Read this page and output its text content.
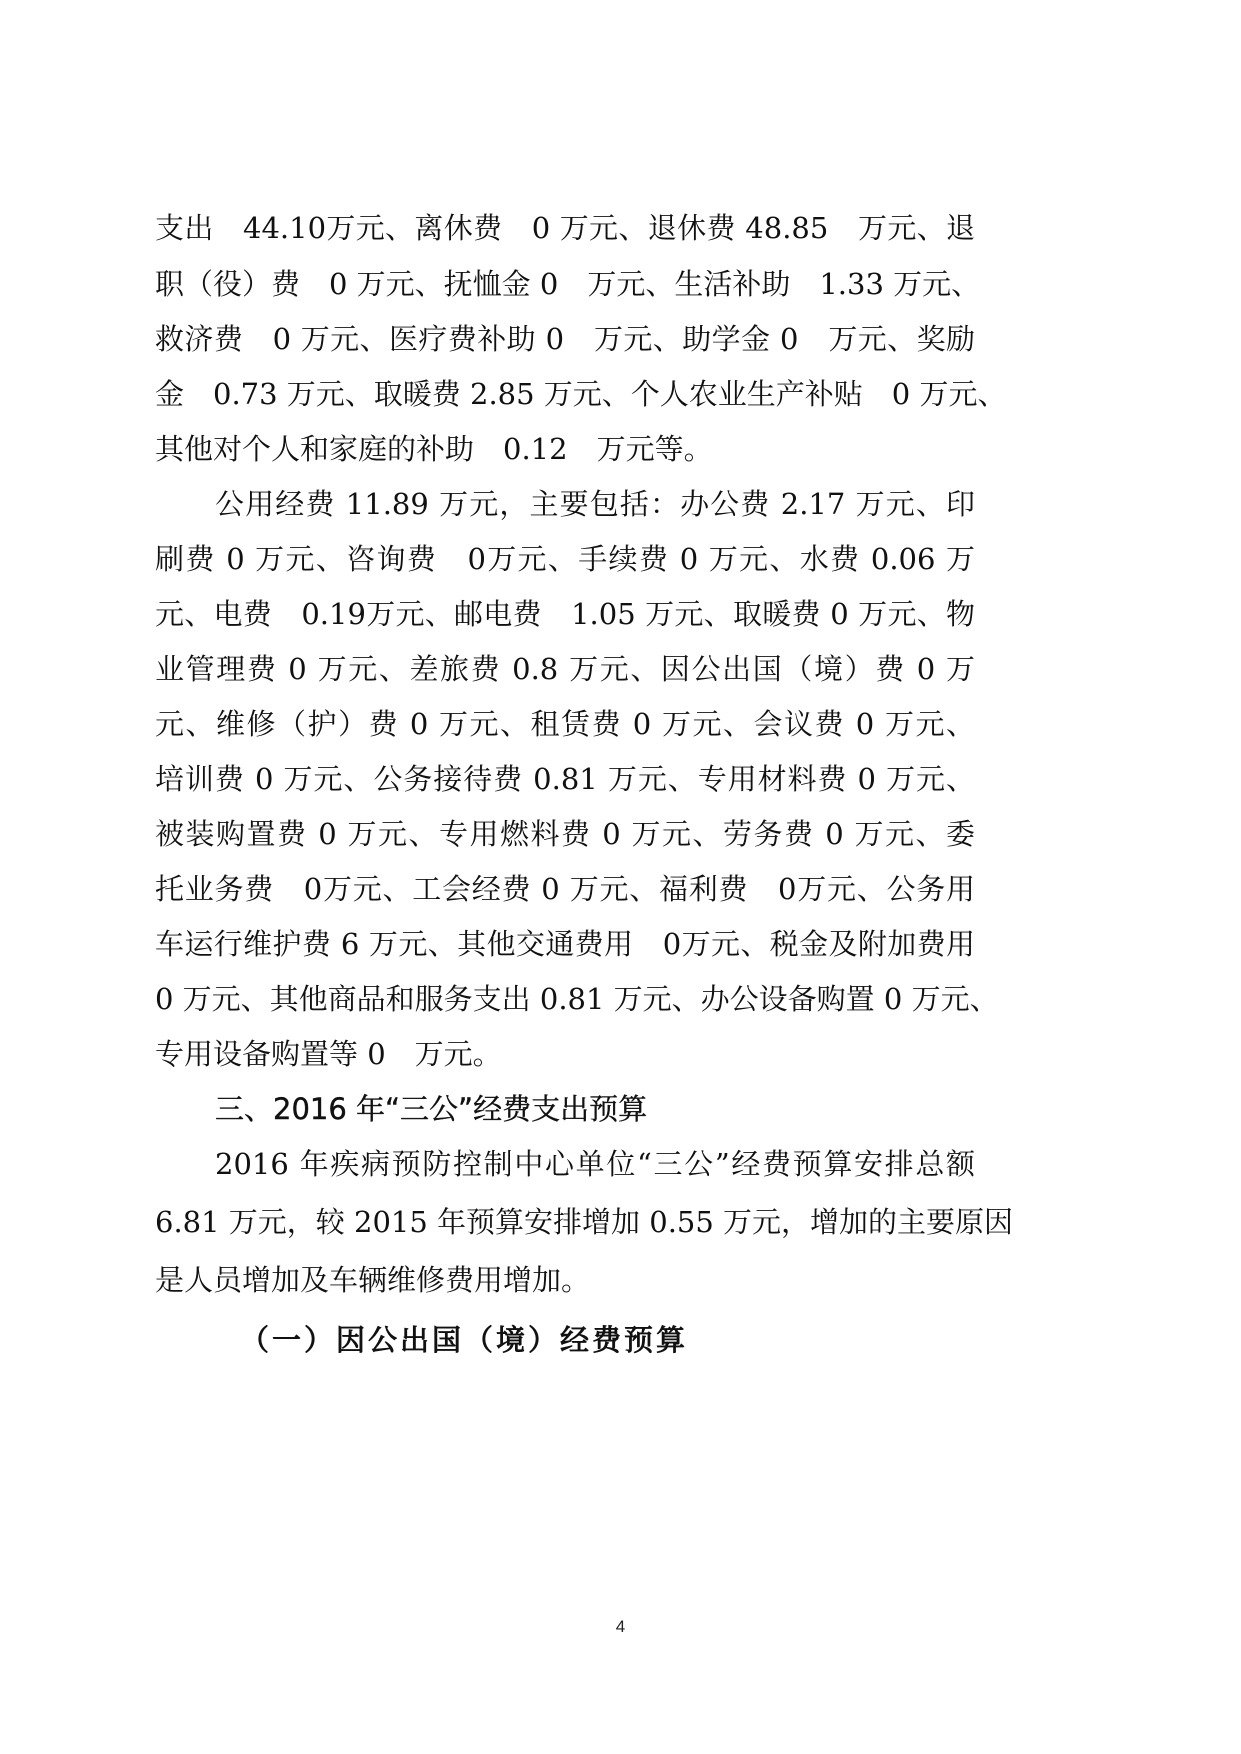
支出　44.10万元、离休费　0 万元、退休费 48.85　万元、退
职（役）费　0 万元、抚恤金 0　万元、生活补助　1.33 万元、
救济费　0 万元、医疗费补助 0　万元、助学金 0　万元、奖励
金　0.73 万元、取暖费 2.85 万元、个人农业生产补贴　0 万元、
其他对个人和家庭的补助　0.12　万元等。
公用经费 11.89 万元，主要包括：办公费 2.17 万元、印
刷费 0 万元、咨询费　0万元、手续费 0 万元、水费 0.06 万
元、电费　0.19万元、邮电费　1.05 万元、取暖费 0 万元、物
业管理费 0 万元、差旅费 0.8 万元、因公出国（境）费 0 万
元、维修（护）费 0 万元、租赁费 0 万元、会议费 0 万元、
培训费 0 万元、公务接待费 0.81 万元、专用材料费 0 万元、
被装购置费 0 万元、专用燃料费 0 万元、劳务费 0 万元、委
托业务费　0万元、工会经费 0 万元、福利费　0万元、公务用
车运行维护费 6 万元、其他交通费用　0万元、税金及附加费用
0 万元、其他商品和服务支出 0.81 万元、办公设备购置 0 万元、
专用设备购置等 0　万元。
三、2016 年“三公”经费支出预算
2016 年疾病预防控制中心单位“三公”经费预算安排总额
6.81 万元，较 2015 年预算安排增加 0.55 万元，增加的主要原因
是人员增加及车辆维修费用增加。
（一）因公出国（境）经费预算
4
